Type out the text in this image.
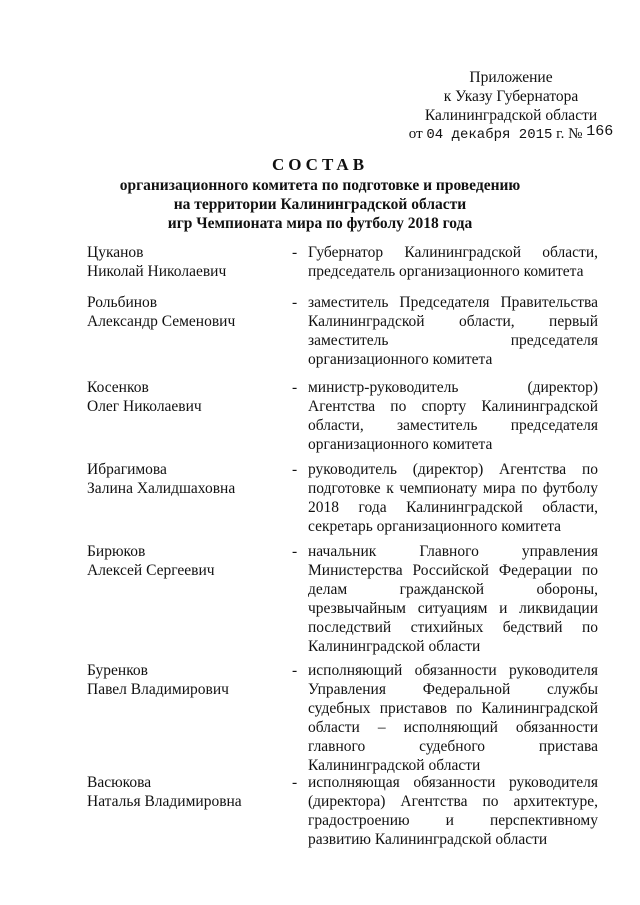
Приложение
к Указу Губернатора
Калининградской области
от 04 декабря 2015 г. № 166
СОСТАВ
организационного комитета по подготовке и проведению
на территории Калининградской области
игр Чемпионата мира по футболу 2018 года
Цуканов
Николай Николаевич
- Губернатор Калининградской области, председатель организационного комитета
Рольбинов
Александр Семенович
- заместитель Председателя Правительства Калининградской области, первый заместитель председателя организационного комитета
Косенков
Олег Николаевич
- министр-руководитель (директор) Агентства по спорту Калининградской области, заместитель председателя организационного комитета
Ибрагимова
Залина Халидшаховна
- руководитель (директор) Агентства по подготовке к чемпионату мира по футболу 2018 года Калининградской области, секретарь организационного комитета
Бирюков
Алексей Сергеевич
- начальник Главного управления Министерства Российской Федерации по делам гражданской обороны, чрезвычайным ситуациям и ликвидации последствий стихийных бедствий по Калининградской области
Буренков
Павел Владимирович
- исполняющий обязанности руководителя Управления Федеральной службы судебных приставов по Калининградской области – исполняющий обязанности главного судебного пристава Калининградской области
Васюкова
Наталья Владимировна
- исполняющая обязанности руководителя (директора) Агентства по архитектуре, градостроению и перспективному развитию Калининградской области
